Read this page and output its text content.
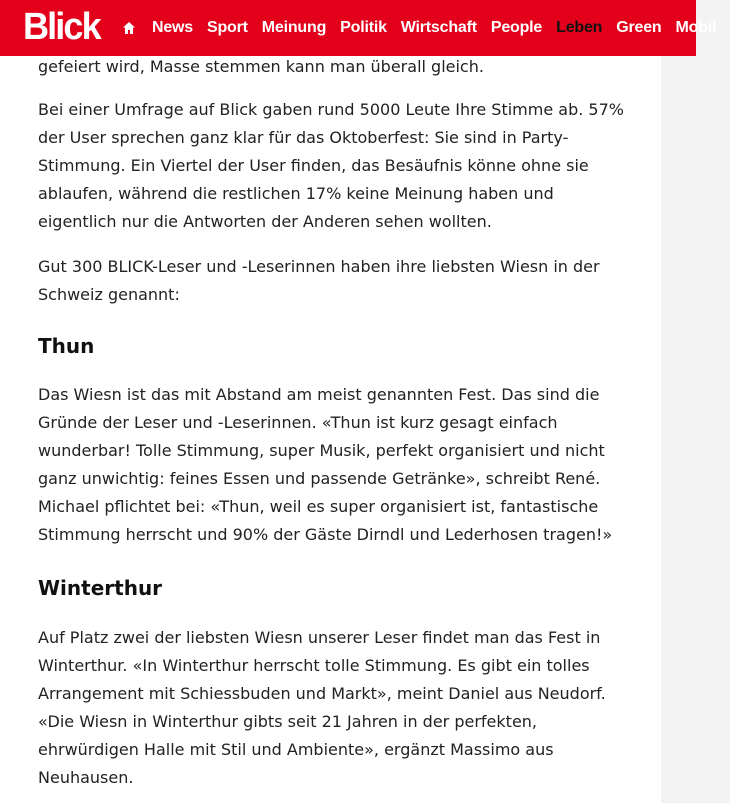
Blick	News Sport Meinung Politik Wirtschaft People Leben Green Mobil

gefeiert wird, Masse stemmen kann man überall gleich.

Bei einer Umfrage auf Blick gaben rund 5000 Leute Ihre Stimme ab. 57% der User sprechen ganz klar für das Oktoberfest: Sie sind in Party-Stimmung. Ein Viertel der User finden, das Besäufnis könne ohne sie ablaufen, während die restlichen 17% keine Meinung haben und eigentlich nur die Antworten der Anderen sehen wollten.

Gut 300 BLICK-Leser und -Leserinnen haben ihre liebsten Wiesn in der Schweiz genannt:

Thun

Das Wiesn ist das mit Abstand am meist genannten Fest. Das sind die Gründe der Leser und -Leserinnen. «Thun ist kurz gesagt einfach wunderbar! Tolle Stimmung, super Musik, perfekt organisiert und nicht ganz unwichtig: feines Essen und passende Getränke», schreibt René. Michael pflichtet bei: «Thun, weil es super organisiert ist, fantastische Stimmung herrscht und 90% der Gäste Dirndl und Lederhosen tragen!»

Winterthur

Auf Platz zwei der liebsten Wiesn unserer Leser findet man das Fest in Winterthur. «In Winterthur herrscht tolle Stimmung. Es gibt ein tolles Arrangement mit Schiessbuden und Markt», meint Daniel aus Neudorf. «Die Wiesn in Winterthur gibts seit 21 Jahren in der perfekten, ehrwürdigen Halle mit Stil und Ambiente», ergänzt Massimo aus Neuhausen.
